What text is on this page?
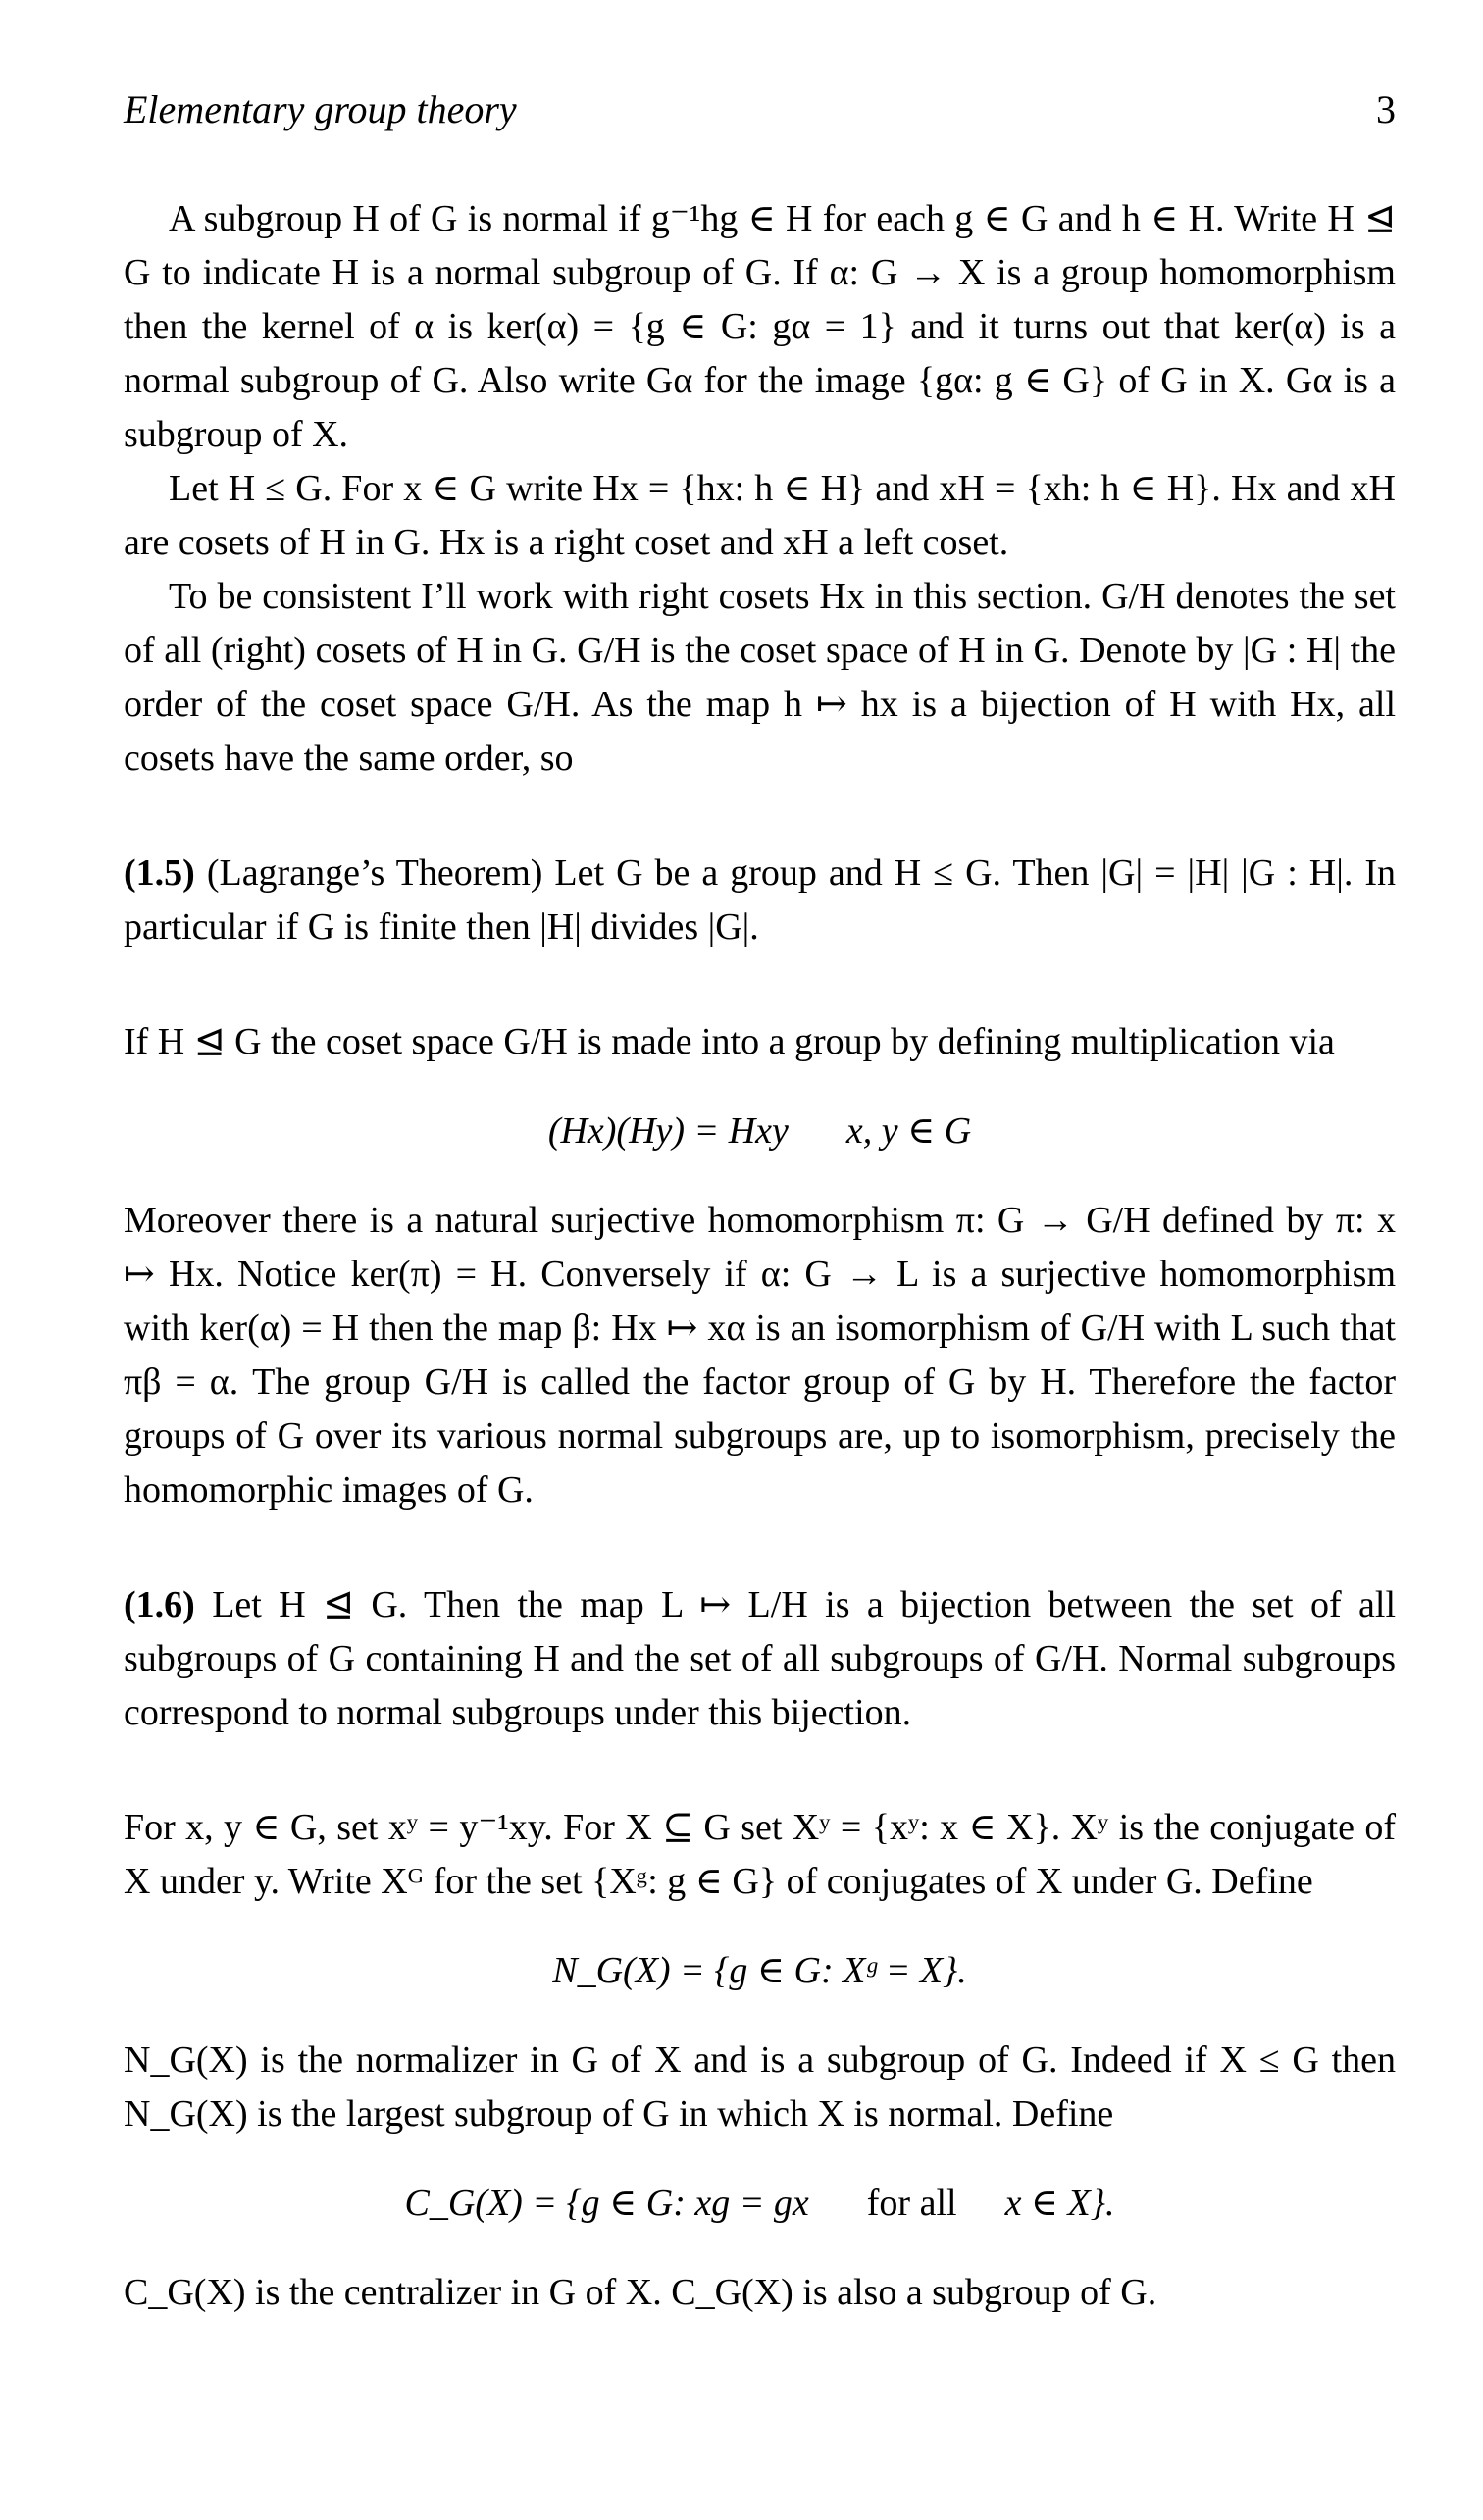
Elementary group theory	3

A subgroup H of G is normal if g⁻¹hg ∈ H for each g ∈ G and h ∈ H. Write H ⊴ G to indicate H is a normal subgroup of G. If α: G → X is a group homomorphism then the kernel of α is ker(α) = {g ∈ G: gα = 1} and it turns out that ker(α) is a normal subgroup of G. Also write Gα for the image {gα: g ∈ G} of G in X. Gα is a subgroup of X.

Let H ≤ G. For x ∈ G write Hx = {hx: h ∈ H} and xH = {xh: h ∈ H}. Hx and xH are cosets of H in G. Hx is a right coset and xH a left coset.

To be consistent I’ll work with right cosets Hx in this section. G/H denotes the set of all (right) cosets of H in G. G/H is the coset space of H in G. Denote by |G : H| the order of the coset space G/H. As the map h ↦ hx is a bijection of H with Hx, all cosets have the same order, so

(1.5) (Lagrange’s Theorem) Let G be a group and H ≤ G. Then |G| = |H| |G : H|. In particular if G is finite then |H| divides |G|.

If H ⊴ G the coset space G/H is made into a group by defining multiplication via

(Hx)(Hy) = Hxy x, y ∈ G

Moreover there is a natural surjective homomorphism π: G → G/H defined by π: x ↦ Hx. Notice ker(π) = H. Conversely if α: G → L is a surjective homomorphism with ker(α) = H then the map β: Hx ↦ xα is an isomorphism of G/H with L such that πβ = α. The group G/H is called the factor group of G by H. Therefore the factor groups of G over its various normal subgroups are, up to isomorphism, precisely the homomorphic images of G.

(1.6) Let H ⊴ G. Then the map L ↦ L/H is a bijection between the set of all subgroups of G containing H and the set of all subgroups of G/H. Normal subgroups correspond to normal subgroups under this bijection.

For x, y ∈ G, set xʸ = y⁻¹xy. For X ⊆ G set Xʸ = {xʸ: x ∈ X}. Xʸ is the conjugate of X under y. Write Xᴳ for the set {Xᵍ: g ∈ G} of conjugates of X under G. Define

N_G(X) = {g ∈ G: Xᵍ = X}.

N_G(X) is the normalizer in G of X and is a subgroup of G. Indeed if X ≤ G then N_G(X) is the largest subgroup of G in which X is normal. Define

C_G(X) = {g ∈ G: xg = gx for all x ∈ X}.

C_G(X) is the centralizer in G of X. C_G(X) is also a subgroup of G.
